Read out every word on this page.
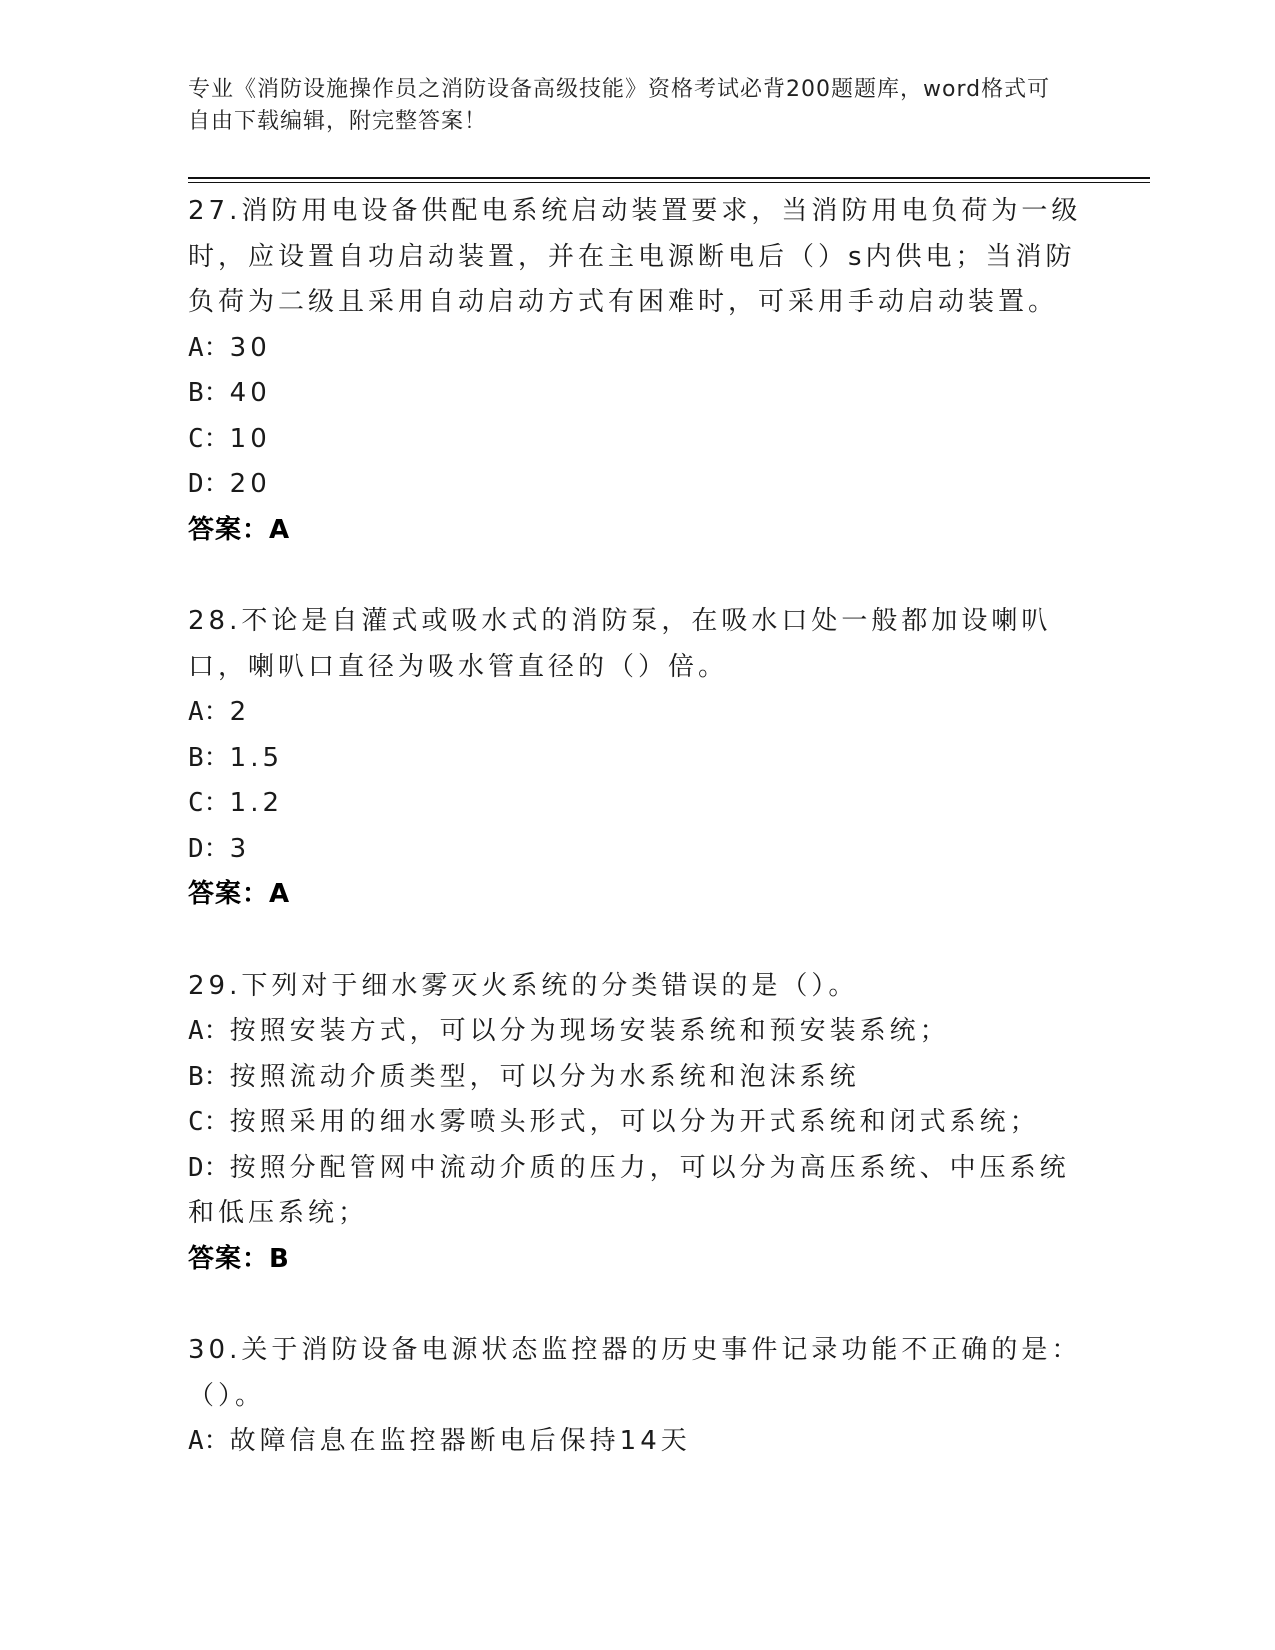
专业《消防设施操作员之消防设备高级技能》资格考试必背200题题库，word格式可自由下载编辑，附完整答案！

27.消防用电设备供配电系统启动装置要求，当消防用电负荷为一级时，应设置自功启动装置，并在主电源断电后（）s内供电；当消防负荷为二级且采用自动启动方式有困难时，可采用手动启动装置。

A：30

B：40

C：10

D：20

答案：A

28.不论是自灌式或吸水式的消防泵，在吸水口处一般都加设喇叭口，喇叭口直径为吸水管直径的（）倍。

A：2

B：1.5

C：1.2

D：3

答案：A

29.下列对于细水雾灭火系统的分类错误的是（）。

A：按照安装方式，可以分为现场安装系统和预安装系统；

B：按照流动介质类型，可以分为水系统和泡沫系统

C：按照采用的细水雾喷头形式，可以分为开式系统和闭式系统；

D：按照分配管网中流动介质的压力，可以分为高压系统、中压系统和低压系统；

答案：B

30.关于消防设备电源状态监控器的历史事件记录功能不正确的是：（）。

A：故障信息在监控器断电后保持14天
